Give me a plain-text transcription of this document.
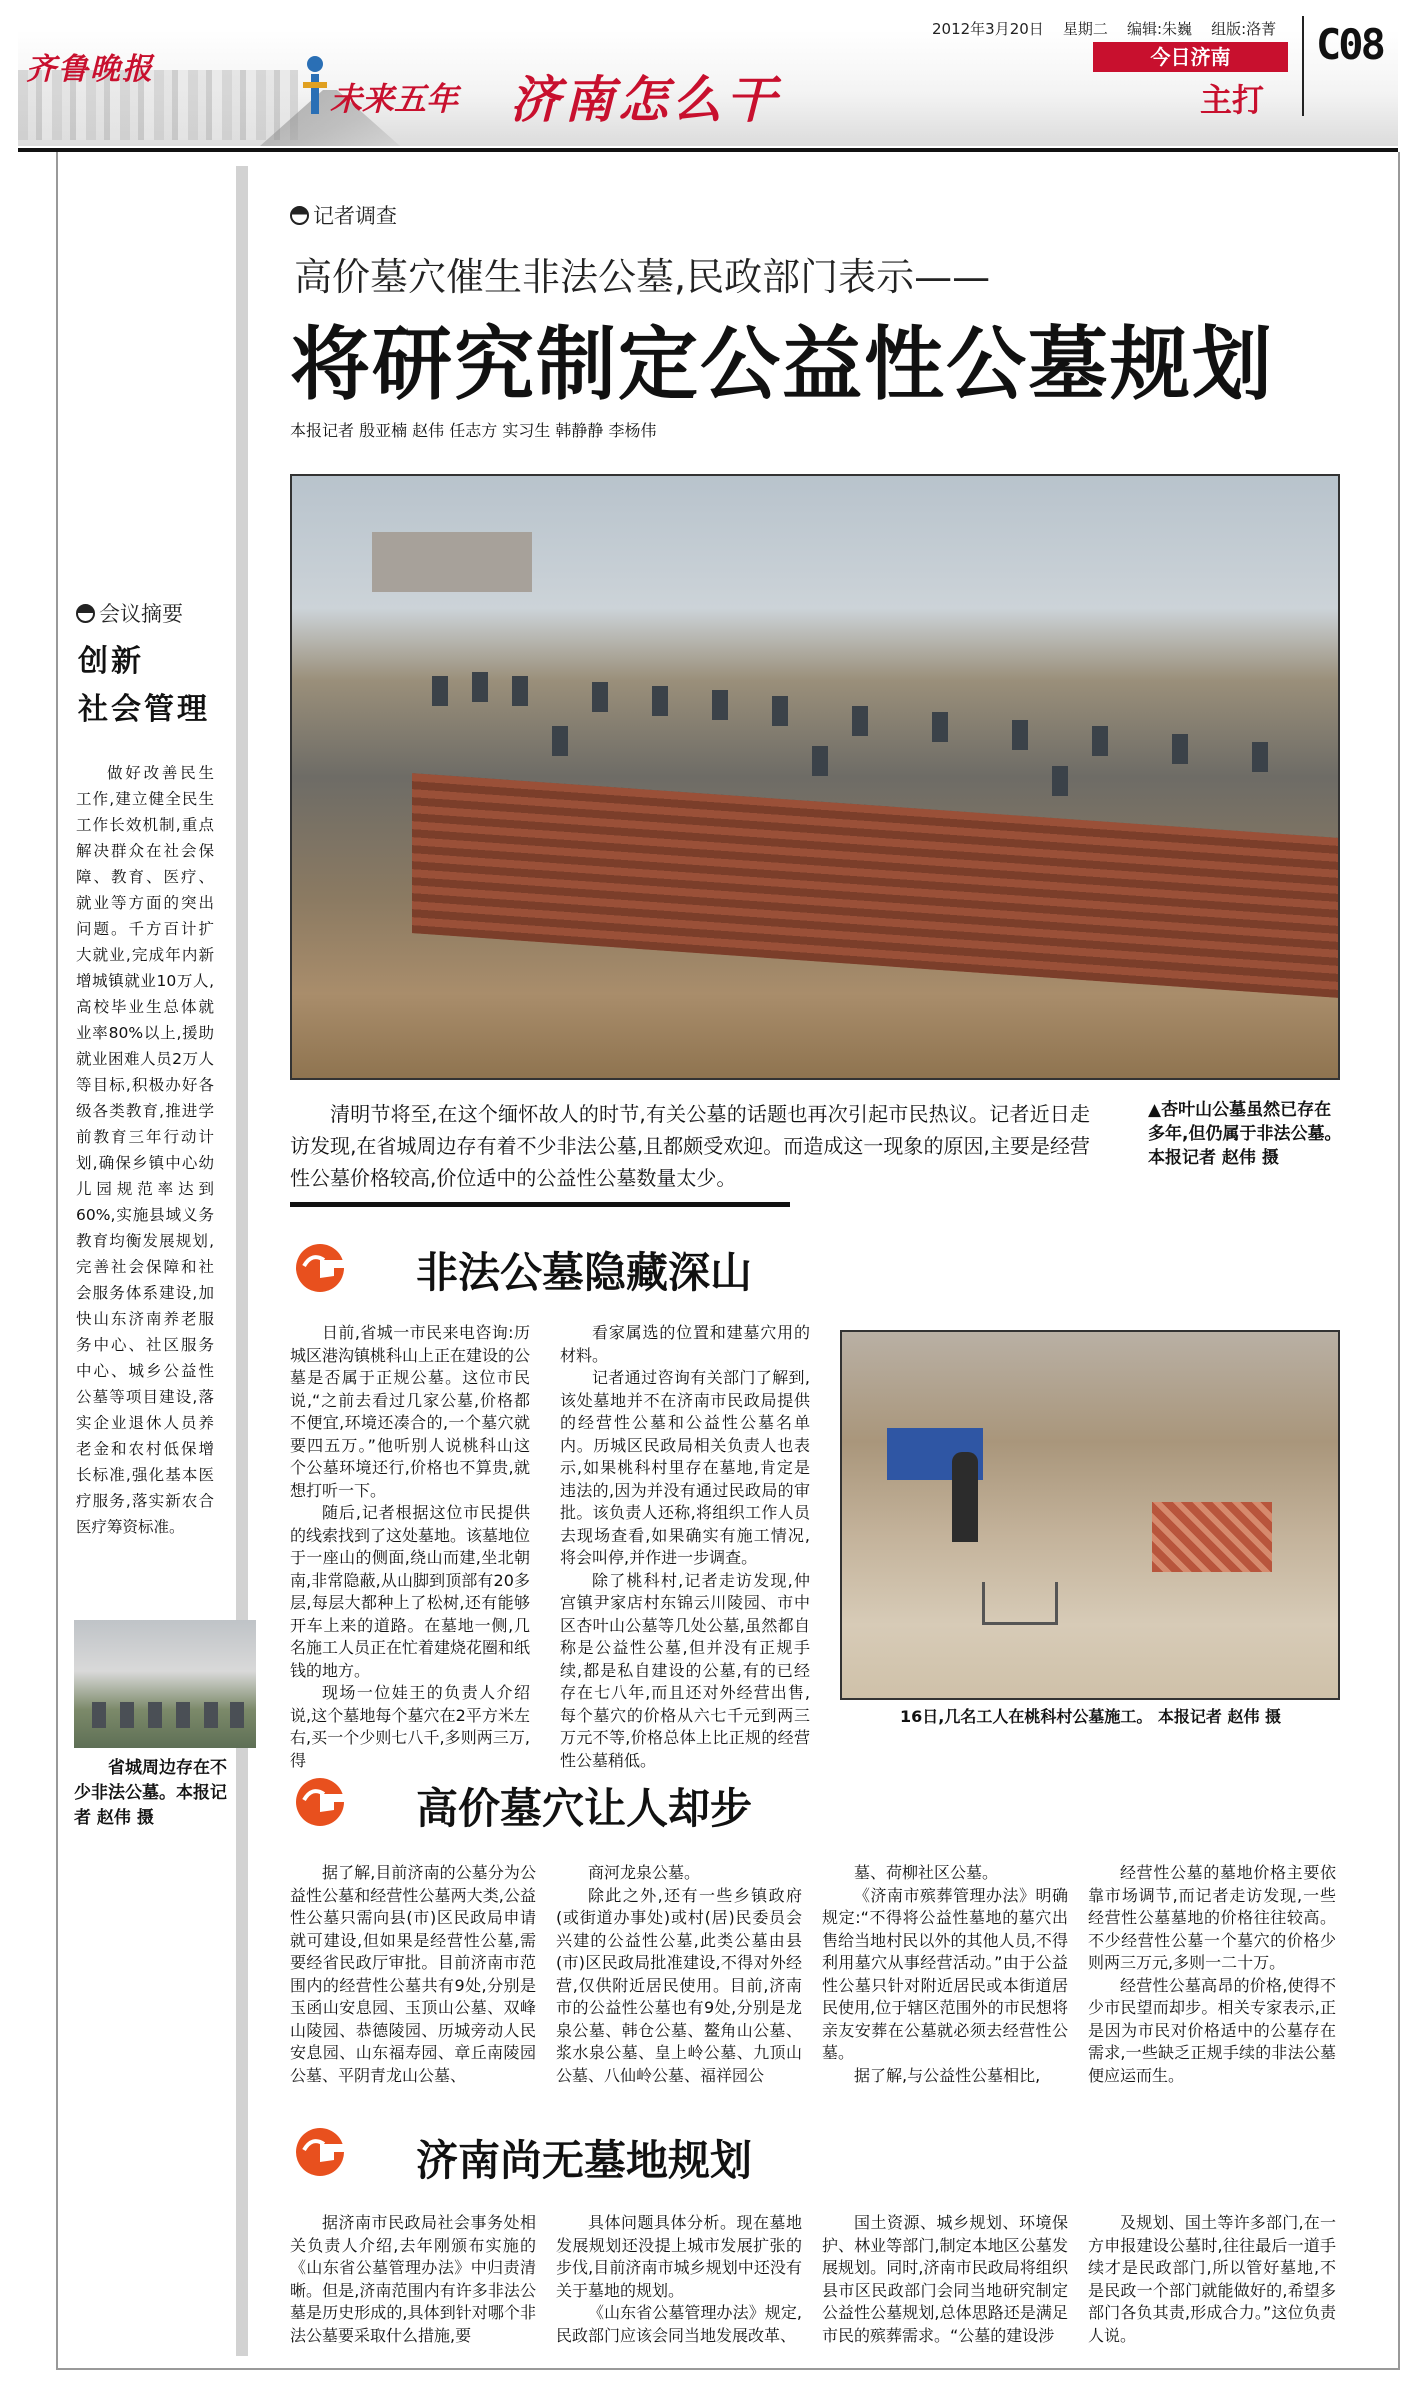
齐鲁晚报
未来五年 济南怎么干
2012年3月20日 星期二 编辑:朱巍 组版:洛菁
今日济南
主打
C08
会议摘要
创新
社会管理
做好改善民生工作,建立健全民生工作长效机制,重点解决群众在社会保障、教育、医疗、就业等方面的突出问题。千方百计扩大就业,完成年内新增城镇就业10万人,高校毕业生总体就业率80%以上,援助就业困难人员2万人等目标,积极办好各级各类教育,推进学前教育三年行动计划,确保乡镇中心幼儿园规范率达到60%,实施县域义务教育均衡发展规划,完善社会保障和社会服务体系建设,加快山东济南养老服务中心、社区服务中心、城乡公益性公墓等项目建设,落实企业退休人员养老金和农村低保增长标准,强化基本医疗服务,落实新农合医疗筹资标准。
省城周边存在不少非法公墓。本报记者 赵伟 摄
记者调查
高价墓穴催生非法公墓,民政部门表示——
将研究制定公益性公墓规划
本报记者 殷亚楠 赵伟 任志方 实习生 韩静静 李杨伟
清明节将至,在这个缅怀故人的时节,有关公墓的话题也再次引起市民热议。记者近日走访发现,在省城周边存有着不少非法公墓,且都颇受欢迎。而造成这一现象的原因,主要是经营性公墓价格较高,价位适中的公益性公墓数量太少。
▲杏叶山公墓虽然已存在多年,但仍属于非法公墓。 本报记者 赵伟 摄
非法公墓隐藏深山

日前,省城一市民来电咨询:历城区港沟镇桃科山上正在建设的公墓是否属于正规公墓。这位市民说,“之前去看过几家公墓,价格都不便宜,环境还凑合的,一个墓穴就要四五万。”他听别人说桃科山这个公墓环境还行,价格也不算贵,就想打听一下。

随后,记者根据这位市民提供的线索找到了这处墓地。该墓地位于一座山的侧面,绕山而建,坐北朝南,非常隐蔽,从山脚到顶部有20多层,每层大都种上了松树,还有能够开车上来的道路。在墓地一侧,几名施工人员正在忙着建烧花圈和纸钱的地方。

现场一位娃王的负责人介绍说,这个墓地每个墓穴在2平方米左右,买一个少则七八千,多则两三万,得

看家属选的位置和建墓穴用的材料。

记者通过咨询有关部门了解到,该处墓地并不在济南市民政局提供的经营性公墓和公益性公墓名单内。历城区民政局相关负责人也表示,如果桃科村里存在墓地,肯定是违法的,因为并没有通过民政局的审批。该负责人还称,将组织工作人员去现场查看,如果确实有施工情况,将会叫停,并作进一步调查。

除了桃科村,记者走访发现,仲宫镇尹家店村东锦云川陵园、市中区杏叶山公墓等几处公墓,虽然都自称是公益性公墓,但并没有正规手续,都是私自建设的公墓,有的已经存在七八年,而且还对外经营出售,每个墓穴的价格从六七千元到两三万元不等,价格总体上比正规的经营性公墓稍低。

16日,几名工人在桃科村公墓施工。 本报记者 赵伟 摄
高价墓穴让人却步

据了解,目前济南的公墓分为公益性公墓和经营性公墓两大类,公益性公墓只需向县(市)区民政局申请就可建设,但如果是经营性公墓,需要经省民政厅审批。目前济南市范围内的经营性公墓共有9处,分别是玉函山安息园、玉顶山公墓、双峰山陵园、恭德陵园、历城旁动人民安息园、山东福寿园、章丘南陵园公墓、平阴青龙山公墓、

商河龙泉公墓。

除此之外,还有一些乡镇政府(或街道办事处)或村(居)民委员会兴建的公益性公墓,此类公墓由县(市)区民政局批准建设,不得对外经营,仅供附近居民使用。目前,济南市的公益性公墓也有9处,分别是龙泉公墓、韩仓公墓、鳌角山公墓、浆水泉公墓、皇上岭公墓、九顶山公墓、八仙岭公墓、福祥园公

墓、荷柳社区公墓。

《济南市殡葬管理办法》明确规定:“不得将公益性墓地的墓穴出售给当地村民以外的其他人员,不得利用墓穴从事经营活动。”由于公益性公墓只针对附近居民或本街道居民使用,位于辖区范围外的市民想将亲友安葬在公墓就必须去经营性公墓。

据了解,与公益性公墓相比,

经营性公墓的墓地价格主要依靠市场调节,而记者走访发现,一些经营性公墓墓地的价格往往较高。不少经营性公墓一个墓穴的价格少则两三万元,多则一二十万。

经营性公墓高昂的价格,使得不少市民望而却步。相关专家表示,正是因为市民对价格适中的公墓存在需求,一些缺乏正规手续的非法公墓便应运而生。

济南尚无墓地规划

据济南市民政局社会事务处相关负责人介绍,去年刚颁布实施的《山东省公墓管理办法》中归责清晰。但是,济南范围内有许多非法公墓是历史形成的,具体到针对哪个非法公墓要采取什么措施,要

具体问题具体分析。现在墓地发展规划还没提上城市发展扩张的步伐,目前济南市城乡规划中还没有关于墓地的规划。

《山东省公墓管理办法》规定,民政部门应该会同当地发展改革、

国土资源、城乡规划、环境保护、林业等部门,制定本地区公墓发展规划。同时,济南市民政局将组织县市区民政部门会同当地研究制定公益性公墓规划,总体思路还是满足市民的殡葬需求。“公墓的建设涉

及规划、国土等许多部门,在一方申报建设公墓时,往往最后一道手续才是民政部门,所以管好墓地,不是民政一个部门就能做好的,希望多部门各负其责,形成合力。”这位负责人说。
